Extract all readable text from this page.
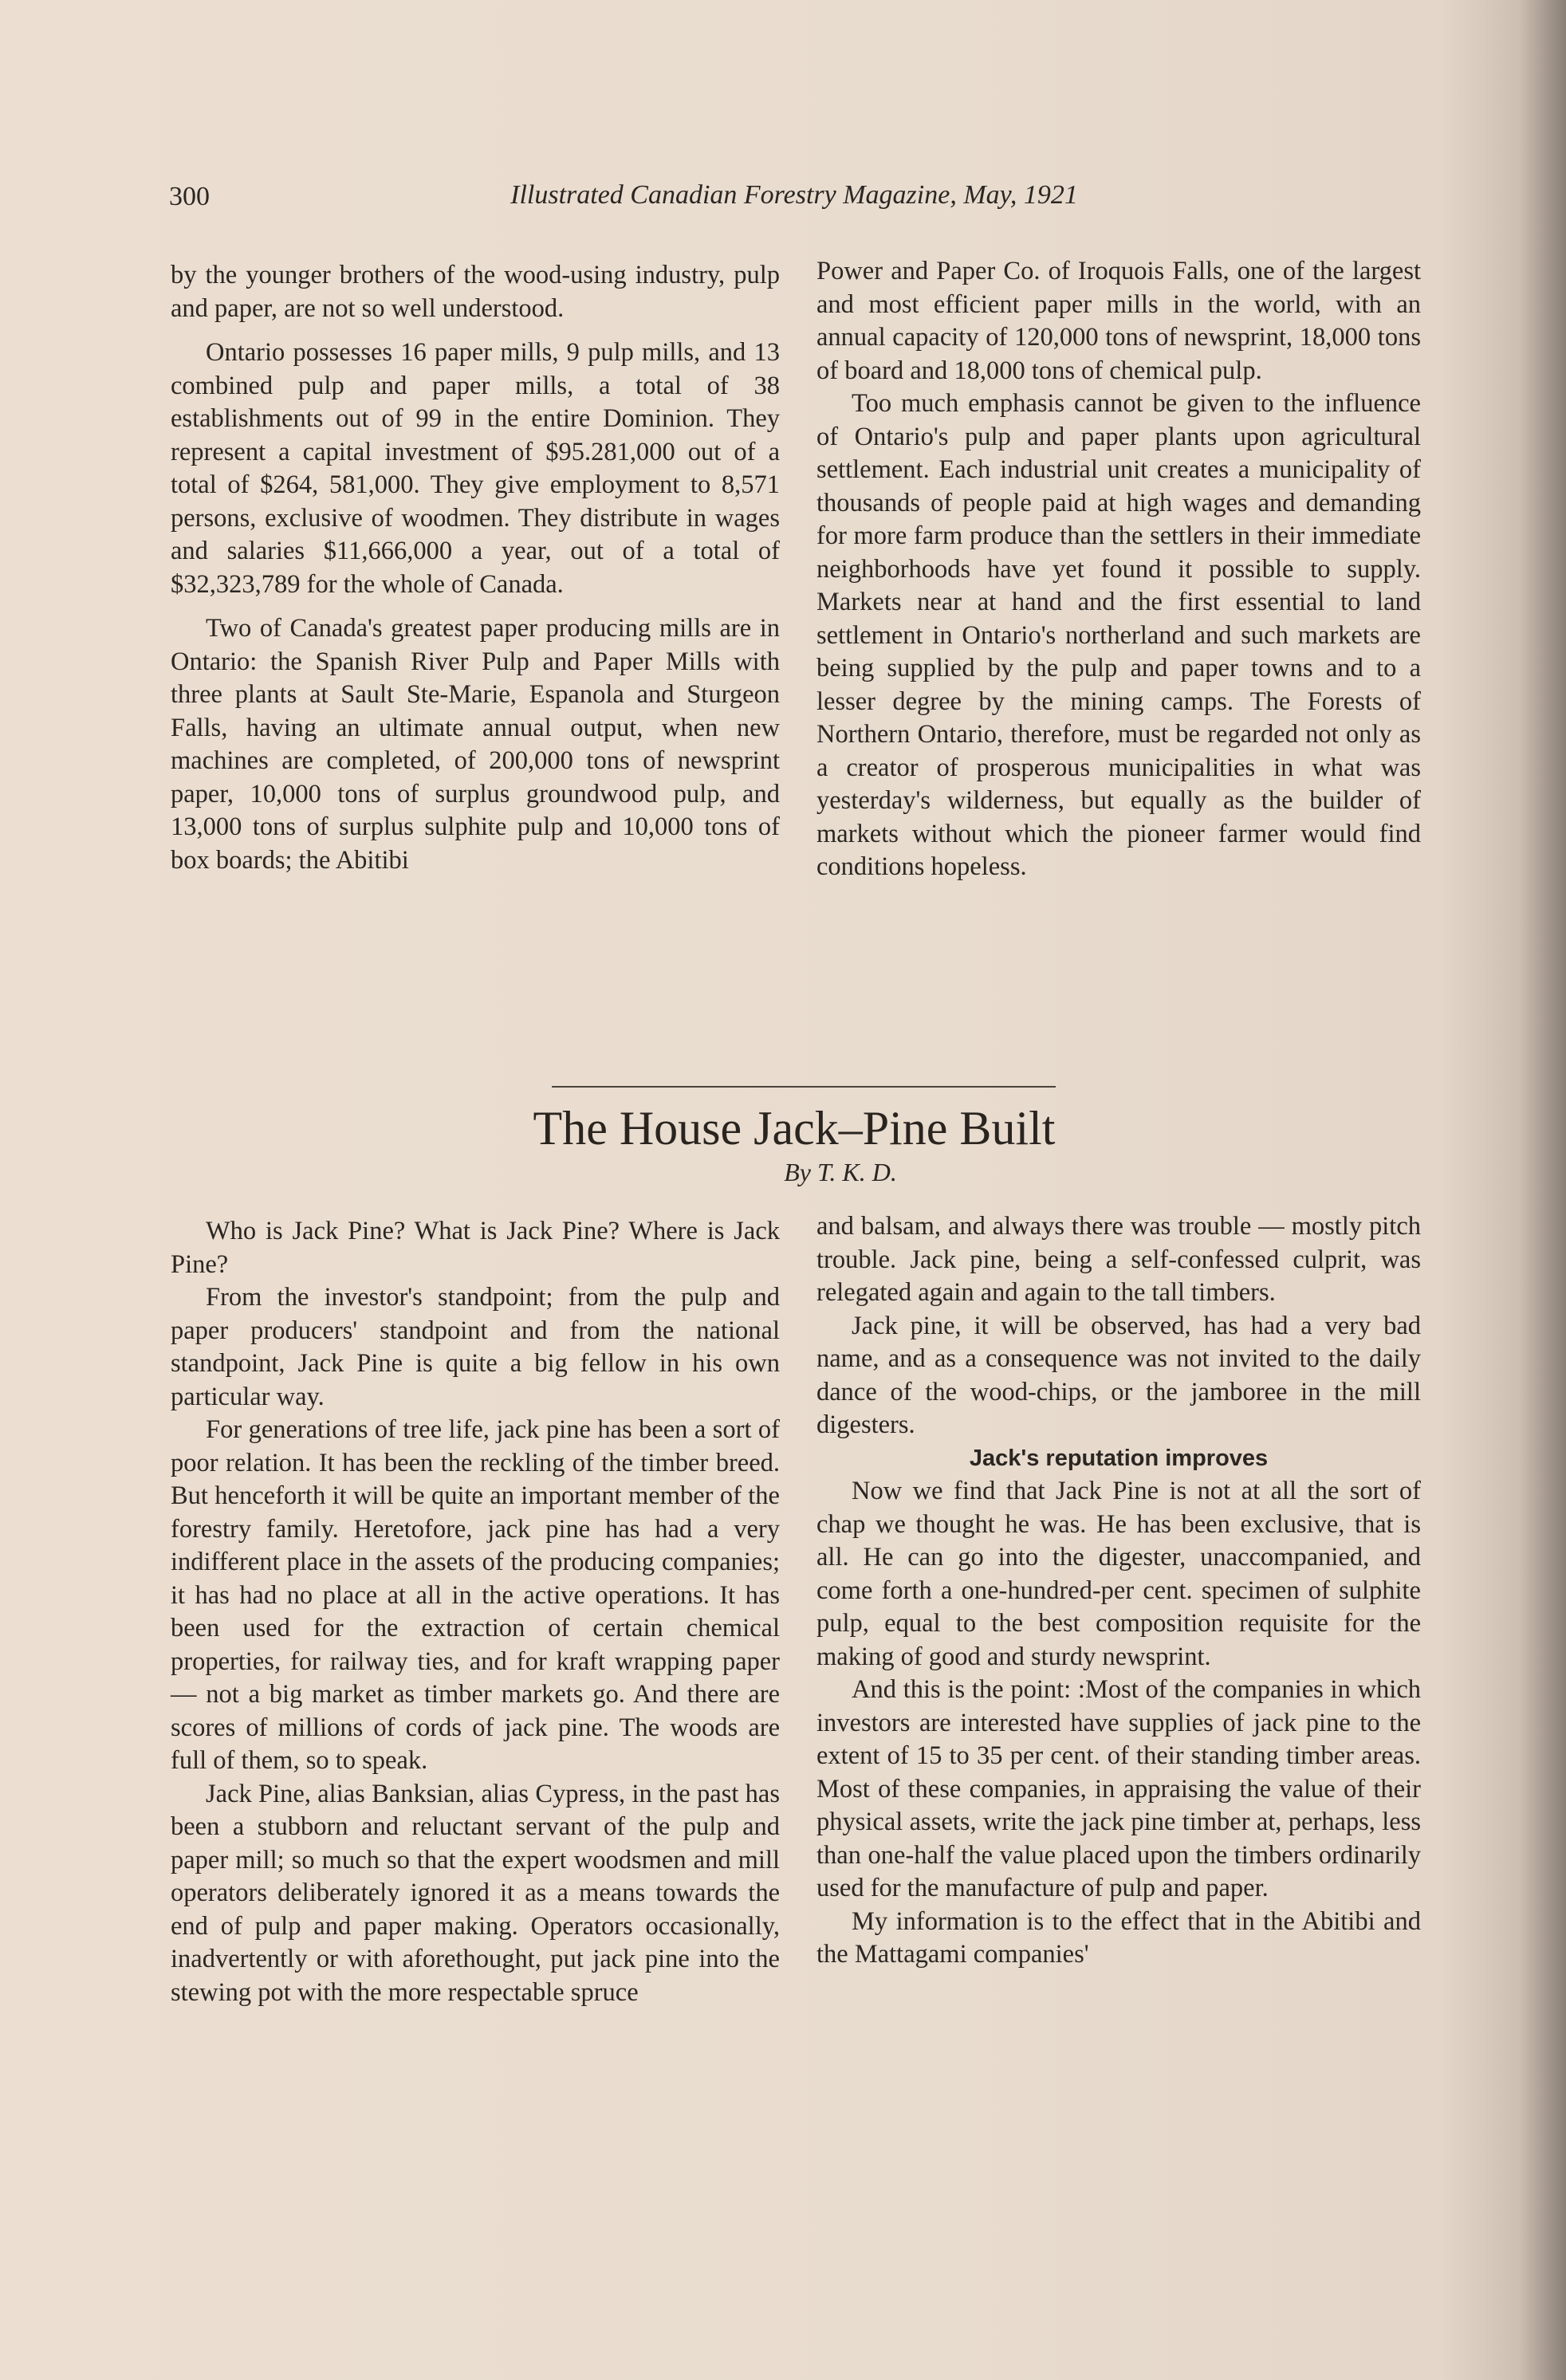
300	Illustrated Canadian Forestry Magazine, May, 1921

by the younger brothers of the wood-using industry, pulp and paper, are not so well understood.

Ontario possesses 16 paper mills, 9 pulp mills, and 13 combined pulp and paper mills, a total of 38 establishments out of 99 in the entire Dominion. They represent a capital investment of $95.281,000 out of a total of $264, 581,000. They give employment to 8,571 persons, exclusive of woodmen. They distribute in wages and salaries $11,666,000 a year, out of a total of $32,323,789 for the whole of Canada.

Two of Canada's greatest paper producing mills are in Ontario: the Spanish River Pulp and Paper Mills with three plants at Sault Ste-Marie, Espanola and Sturgeon Falls, having an ultimate annual output, when new machines are completed, of 200,000 tons of newsprint paper, 10,000 tons of surplus groundwood pulp, and 13,000 tons of surplus sulphite pulp and 10,000 tons of box boards; the Abitibi

Power and Paper Co. of Iroquois Falls, one of the largest and most efficient paper mills in the world, with an annual capacity of 120,000 tons of newsprint, 18,000 tons of board and 18,000 tons of chemical pulp.

Too much emphasis cannot be given to the influence of Ontario's pulp and paper plants upon agricultural settlement. Each industrial unit creates a municipality of thousands of people paid at high wages and demanding for more farm produce than the settlers in their immediate neighborhoods have yet found it possible to supply. Markets near at hand and the first essential to land settlement in Ontario's northerland and such markets are being supplied by the pulp and paper towns and to a lesser degree by the mining camps. The Forests of Northern Ontario, therefore, must be regarded not only as a creator of prosperous municipalities in what was yesterday's wilderness, but equally as the builder of markets without which the pioneer farmer would find conditions hopeless.

The House Jack–Pine Built
By T. K. D.

Who is Jack Pine? What is Jack Pine? Where is Jack Pine?

From the investor's standpoint; from the pulp and paper producers' standpoint and from the national standpoint, Jack Pine is quite a big fellow in his own particular way.

For generations of tree life, jack pine has been a sort of poor relation. It has been the reckling of the timber breed. But henceforth it will be quite an important member of the forestry family. Heretofore, jack pine has had a very indifferent place in the assets of the producing companies; it has had no place at all in the active operations. It has been used for the extraction of certain chemical properties, for railway ties, and for kraft wrapping paper — not a big market as timber markets go. And there are scores of millions of cords of jack pine. The woods are full of them, so to speak.

Jack Pine, alias Banksian, alias Cypress, in the past has been a stubborn and reluctant servant of the pulp and paper mill; so much so that the expert woodsmen and mill operators deliberately ignored it as a means towards the end of pulp and paper making. Operators occasionally, inadvertently or with aforethought, put jack pine into the stewing pot with the more respectable spruce

and balsam, and always there was trouble — mostly pitch trouble. Jack pine, being a self-confessed culprit, was relegated again and again to the tall timbers.

Jack pine, it will be observed, has had a very bad name, and as a consequence was not invited to the daily dance of the wood-chips, or the jamboree in the mill digesters.

Jack's reputation improves

Now we find that Jack Pine is not at all the sort of chap we thought he was. He has been exclusive, that is all. He can go into the digester, unaccompanied, and come forth a one-hundred-per cent. specimen of sulphite pulp, equal to the best composition requisite for the making of good and sturdy newsprint.

And this is the point: :Most of the companies in which investors are interested have supplies of jack pine to the extent of 15 to 35 per cent. of their standing timber areas. Most of these companies, in appraising the value of their physical assets, write the jack pine timber at, perhaps, less than one-half the value placed upon the timbers ordinarily used for the manufacture of pulp and paper.

My information is to the effect that in the Abitibi and the Mattagami companies'
